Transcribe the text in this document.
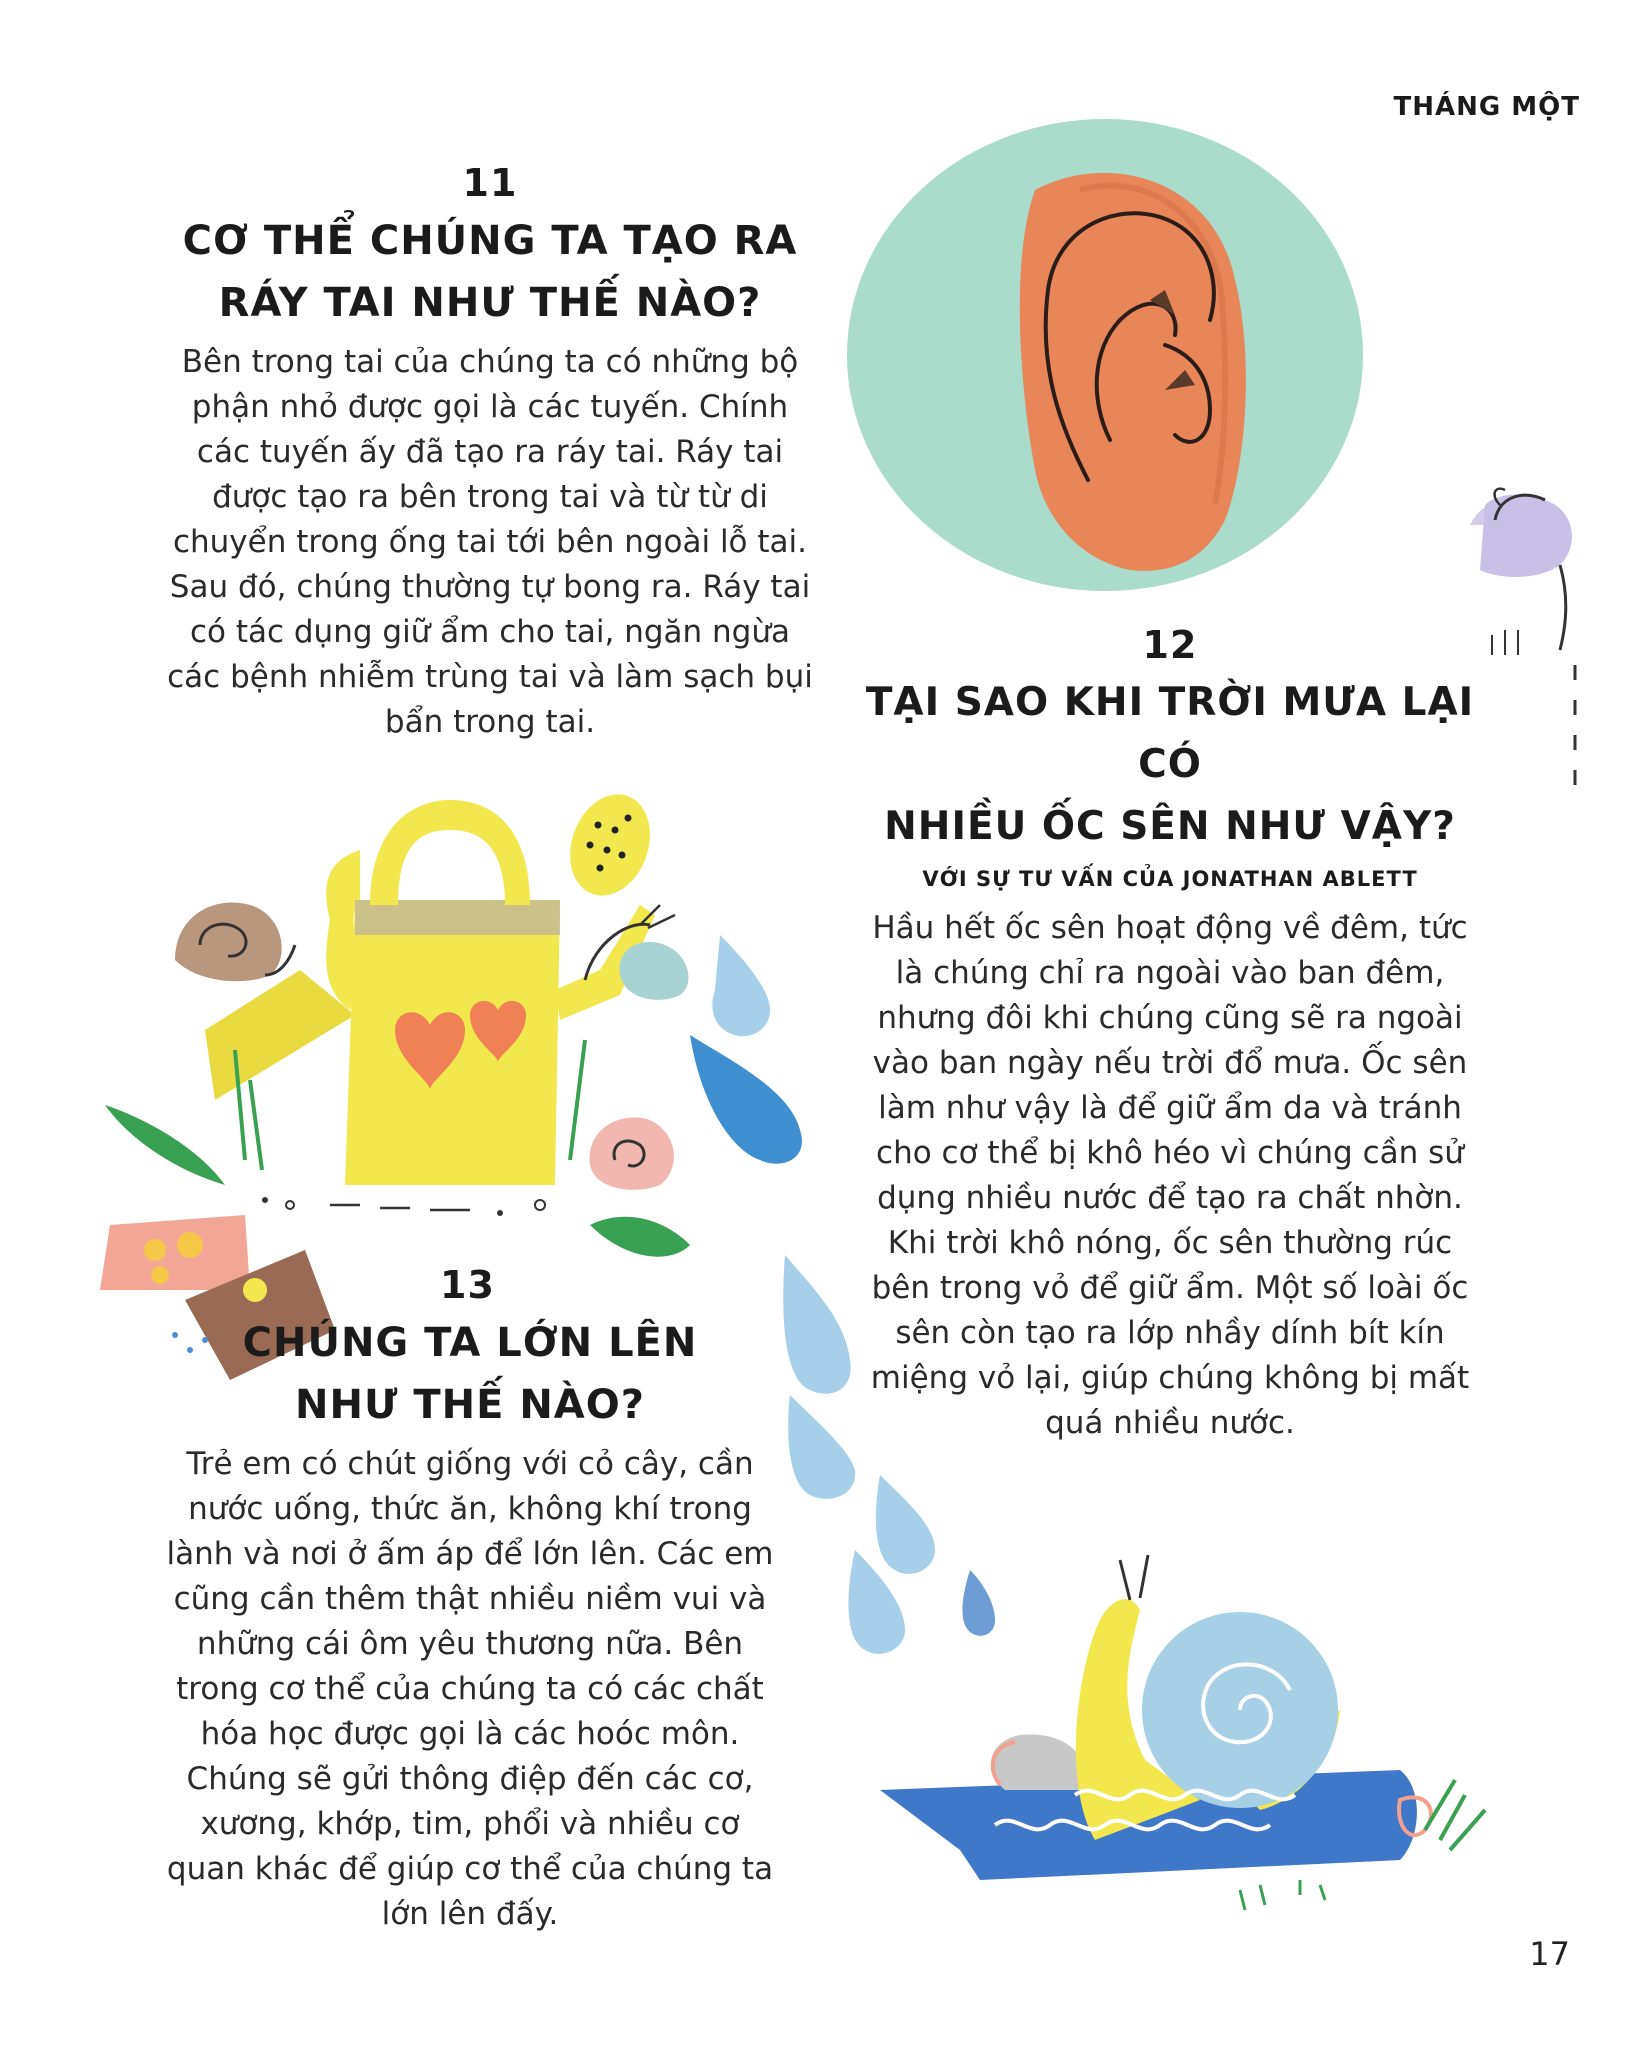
THÁNG MỘT
11
CƠ THỂ CHÚNG TA TẠO RA
RÁY TAI NHƯ THẾ NÀO?

Bên trong tai của chúng ta có những bộ phận nhỏ được gọi là các tuyến. Chính các tuyến ấy đã tạo ra ráy tai. Ráy tai được tạo ra bên trong tai và từ từ di chuyển trong ống tai tới bên ngoài lỗ tai. Sau đó, chúng thường tự bong ra. Ráy tai có tác dụng giữ ẩm cho tai, ngăn ngừa các bệnh nhiễm trùng tai và làm sạch bụi bẩn trong tai.

12
TẠI SAO KHI TRỜI MƯA LẠI CÓ
NHIỀU ỐC SÊN NHƯ VẬY?
VỚI SỰ TƯ VẤN CỦA JONATHAN ABLETT

Hầu hết ốc sên hoạt động về đêm, tức là chúng chỉ ra ngoài vào ban đêm, nhưng đôi khi chúng cũng sẽ ra ngoài vào ban ngày nếu trời đổ mưa. Ốc sên làm như vậy là để giữ ẩm da và tránh cho cơ thể bị khô héo vì chúng cần sử dụng nhiều nước để tạo ra chất nhờn. Khi trời khô nóng, ốc sên thường rúc bên trong vỏ để giữ ẩm. Một số loài ốc sên còn tạo ra lớp nhầy dính bít kín miệng vỏ lại, giúp chúng không bị mất quá nhiều nước.

13
CHÚNG TA LỚN LÊN
NHƯ THẾ NÀO?

Trẻ em có chút giống với cỏ cây, cần nước uống, thức ăn, không khí trong lành và nơi ở ấm áp để lớn lên. Các em cũng cần thêm thật nhiều niềm vui và những cái ôm yêu thương nữa. Bên trong cơ thể của chúng ta có các chất hóa học được gọi là các hoóc môn. Chúng sẽ gửi thông điệp đến các cơ, xương, khớp, tim, phổi và nhiều cơ quan khác để giúp cơ thể của chúng ta lớn lên đấy.

17
